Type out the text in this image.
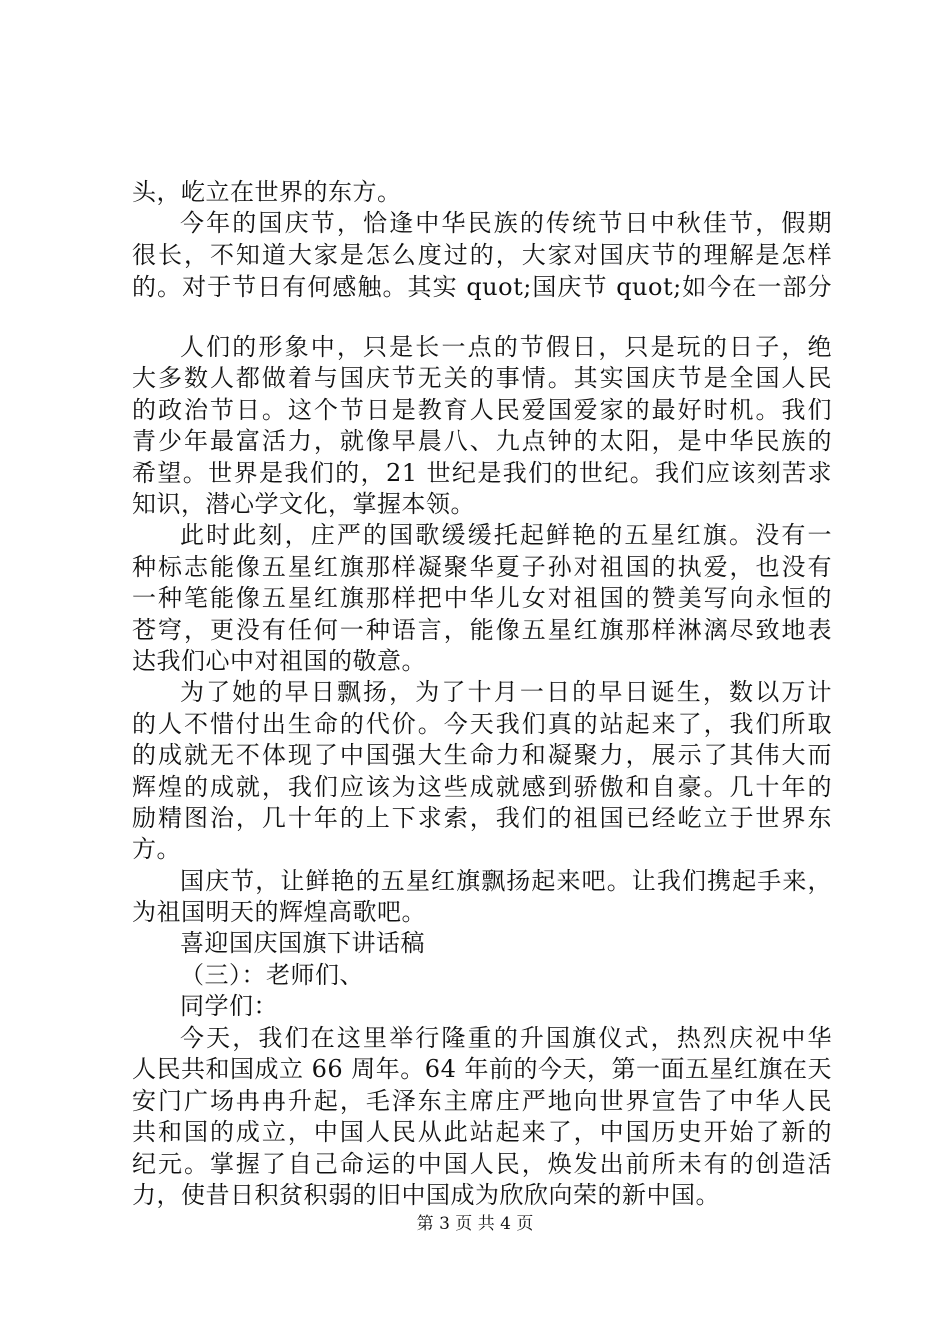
头，屹立在世界的东方。
今年的国庆节，恰逢中华民族的传统节日中秋佳节，假期
很长，不知道大家是怎么度过的，大家对国庆节的理解是怎样
的。对于节日有何感触。其实 quot;国庆节 quot;如今在一部分
人们的形象中，只是长一点的节假日，只是玩的日子，绝
大多数人都做着与国庆节无关的事情。其实国庆节是全国人民
的政治节日。这个节日是教育人民爱国爱家的最好时机。我们
青少年最富活力，就像早晨八、九点钟的太阳，是中华民族的
希望。世界是我们的，21 世纪是我们的世纪。我们应该刻苦求
知识，潜心学文化，掌握本领。
此时此刻，庄严的国歌缓缓托起鲜艳的五星红旗。没有一
种标志能像五星红旗那样凝聚华夏子孙对祖国的执爱，也没有
一种笔能像五星红旗那样把中华儿女对祖国的赞美写向永恒的
苍穹，更没有任何一种语言，能像五星红旗那样淋漓尽致地表
达我们心中对祖国的敬意。
为了她的早日飘扬，为了十月一日的早日诞生，数以万计
的人不惜付出生命的代价。今天我们真的站起来了，我们所取
的成就无不体现了中国强大生命力和凝聚力，展示了其伟大而
辉煌的成就，我们应该为这些成就感到骄傲和自豪。几十年的
励精图治，几十年的上下求索，我们的祖国已经屹立于世界东
方。
国庆节，让鲜艳的五星红旗飘扬起来吧。让我们携起手来，
为祖国明天的辉煌高歌吧。
喜迎国庆国旗下讲话稿
（三）：老师们、
同学们：
今天，我们在这里举行隆重的升国旗仪式，热烈庆祝中华
人民共和国成立 66 周年。64 年前的今天，第一面五星红旗在天
安门广场冉冉升起，毛泽东主席庄严地向世界宣告了中华人民
共和国的成立，中国人民从此站起来了，中国历史开始了新的
纪元。掌握了自己命运的中国人民，焕发出前所未有的创造活
力，使昔日积贫积弱的旧中国成为欣欣向荣的新中国。
第 3 页 共 4 页
